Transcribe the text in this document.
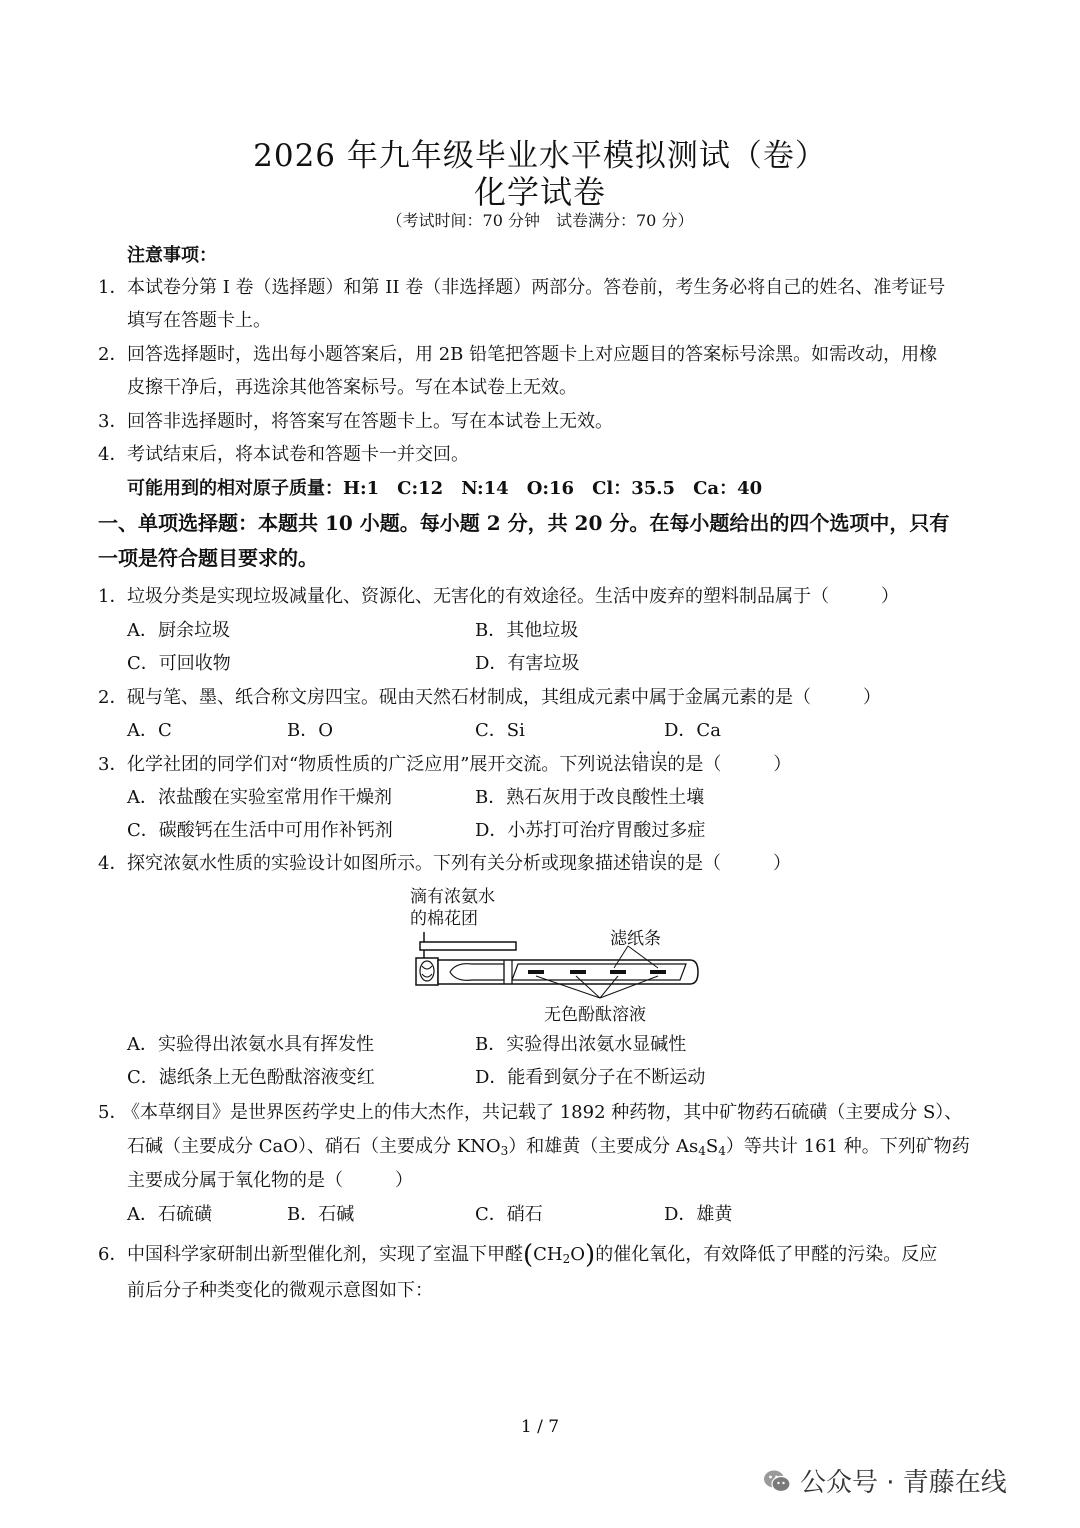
2026 年九年级毕业水平模拟测试（卷）
化学试卷
（考试时间：70 分钟　试卷满分：70 分）
注意事项：
1． 本试卷分第 I 卷（选择题）和第 II 卷（非选择题）两部分。答卷前，考生务必将自己的姓名、准考证号
填写在答题卡上。
2． 回答选择题时，选出每小题答案后，用 2B 铅笔把答题卡上对应题目的答案标号涂黑。如需改动，用橡
皮擦干净后，再选涂其他答案标号。写在本试卷上无效。
3． 回答非选择题时，将答案写在答题卡上。写在本试卷上无效。
4． 考试结束后，将本试卷和答题卡一并交回。
可能用到的相对原子质量：H:1　C:12　N:14　O:16　Cl：35.5　Ca：40
一、单项选择题：本题共 10 小题。每小题 2 分，共 20 分。在每小题给出的四个选项中，只有
一项是符合题目要求的。
1． 垃圾分类是实现垃圾减量化、资源化、无害化的有效途径。生活中废弃的塑料制品属于（	）
A．厨余垃圾	B．其他垃圾
C．可回收物	D．有害垃圾
2． 砚与笔、墨、纸合称文房四宝。砚由天然石材制成，其组成元素中属于金属元素的是（	）
A．C	B．O	C．Si	D．Ca
3． 化学社团的同学们对“物质性质的广泛应用”展开交流。下列说法错误的是（	）
A．浓盐酸在实验室常用作干燥剂	B．熟石灰用于改良酸性土壤
C．碳酸钙在生活中可用作补钙剂	D．小苏打可治疗胃酸过多症
4． 探究浓氨水性质的实验设计如图所示。下列有关分析或现象描述错误的是（	）
滴有浓氨水
的棉花团
滤纸条
无色酚酞溶液
A．实验得出浓氨水具有挥发性	B．实验得出浓氨水显碱性
C．滤纸条上无色酚酞溶液变红	D．能看到氨分子在不断运动
5．
《本草纲目》是世界医药学史上的伟大杰作，共记载了 1892 种药物，其中矿物药石硫磺（主要成分 S）、
石碱（主要成分 CaO）、硝石（主要成分 $KNO_3$）和雄黄（主要成分 $As_4S_4$）等共计 161 种。下列矿物药
主要成分属于氧化物的是（	）
A．石硫磺	B．石碱	C．硝石	D．雄黄
6． 中国科学家研制出新型催化剂，实现了室温下甲醛$(CH_2O)$的催化氧化，有效降低了甲醛的污染。反应
前后分子种类变化的微观示意图如下：
1 / 7
公众号 · 青藤在线
